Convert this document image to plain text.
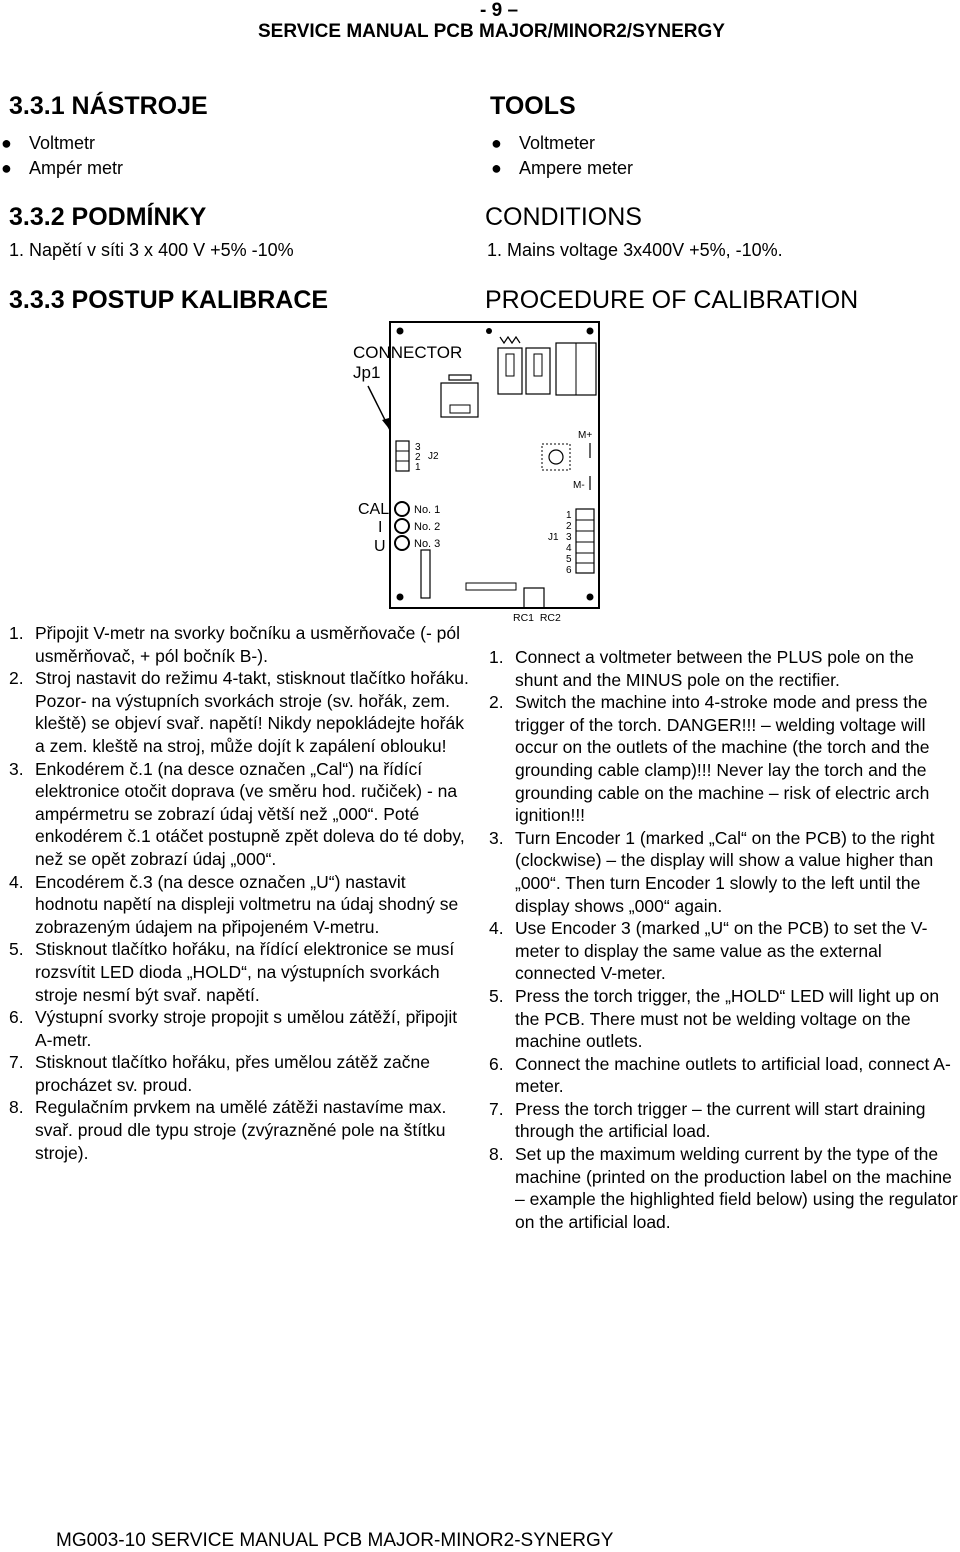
- 9 –
SERVICE MANUAL PCB MAJOR/MINOR2/SYNERGY
3.3.1 NÁSTROJE	TOOLS
● Voltmetr
● Ampér metr
● Voltmeter
● Ampere meter
3.3.2 PODMÍNKY	CONDITIONS
1. Napětí v síti 3 x 400 V +5% -10%	1. Mains voltage 3x400V +5%, -10%.
3.3.3 POSTUP KALIBRACE	PROCEDURE OF CALIBRATION
CONNECTOR
Jp1
3
2
1
J2
M+
M-
CAL
I
U
No. 1
No. 2
No. 3
J1
1
2
3
4
5
6
RC1  RC2
1. Připojit V-metr na svorky bočníku a usměrňovače (- pól usměrňovač, + pól bočník B-).
2. Stroj nastavit do režimu 4-takt, stisknout tlačítko hořáku. Pozor- na výstupních svorkách stroje (sv. hořák, zem. kleště) se objeví svař. napětí! Nikdy nepokládejte hořák a zem. kleště na stroj, může dojít k zapálení oblouku!
3. Enkodérem č.1 (na desce označen „Cal“) na řídící elektronice otočit doprava (ve směru hod. ručiček) - na ampérmetru se zobrazí údaj větší než „000“. Poté enkodérem č.1 otáčet postupně zpět doleva do té doby, než se opět zobrazí údaj „000“.
4. Encodérem č.3 (na desce označen „U“) nastavit hodnotu napětí na displeji voltmetru na údaj shodný se zobrazeným údajem na připojeném V-metru.
5. Stisknout tlačítko hořáku, na řídící elektronice se musí rozsvítit LED dioda „HOLD“, na výstupních svorkách stroje nesmí být svař. napětí.
6. Výstupní svorky stroje propojit s umělou zátěží, připojit A-metr.
7. Stisknout tlačítko hořáku, přes umělou zátěž začne procházet sv. proud.
8. Regulačním prvkem na umělé zátěži nastavíme max. svař. proud dle typu stroje (zvýrazněné pole na štítku stroje).
1. Connect a voltmeter between the PLUS pole on the shunt and the MINUS pole on the rectifier.
2. Switch the machine into 4-stroke mode and press the trigger of the torch. DANGER!!! – welding voltage will occur on the outlets of the machine (the torch and the grounding cable clamp)!!! Never lay the torch and the grounding cable on the machine – risk of electric arch ignition!!!
3. Turn Encoder 1 (marked „Cal“ on the PCB) to the right (clockwise) – the display will show a value higher than „000“. Then turn Encoder 1 slowly to the left until the display shows „000“ again.
4. Use Encoder 3 (marked „U“ on the PCB) to set the V-meter to display the same value as the external connected V-meter.
5. Press the torch trigger, the „HOLD“ LED will light up on the PCB. There must not be welding voltage on the machine outlets.
6. Connect the machine outlets to artificial load, connect A-meter.
7. Press the torch trigger – the current will start draining through the artificial load.
8. Set up the maximum welding current by the type of the machine (printed on the production label on the machine – example the highlighted field below) using the regulator on the artificial load.
MG003-10 SERVICE MANUAL PCB MAJOR-MINOR2-SYNERGY
